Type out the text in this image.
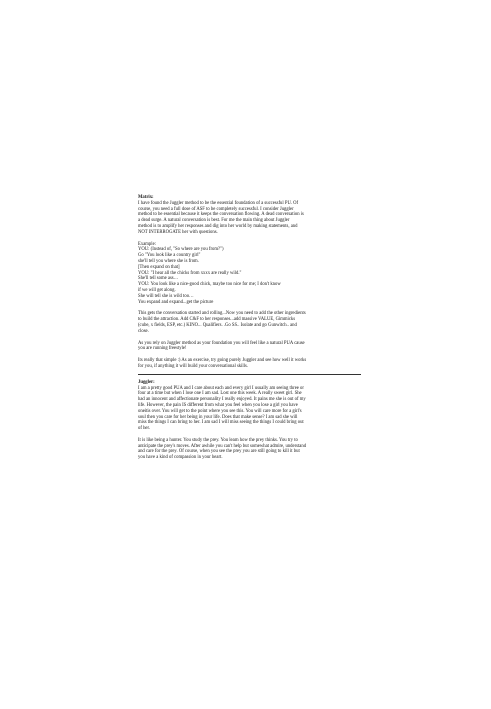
Matrix:
I have found the Juggler method to be the essential foundation of a successful PU. Of
course, you need a full dose of ASF to be completely successful. I consider Juggler
method to be essential because it keeps the conversation flowing. A dead conversation is
a dead surge. A natural conversation is best. For me the main thing about Juggler
method is to amplify her responses and dig into her world by making statements, and
NOT INTERROGATE her with questions.
Example:
YOU: (Instead of, "So where are you from?")
Go "You look like a country girl"
she'll tell you where she is from.
[Then expand on that]
YOU: "I hear all the chicks from xxxx are really wild."
She'll tell some ass…
YOU: You look like a nice-good chick, maybe too nice for me; I don't know
if we will get along.
She will tell she is wild too…
You expand and expand...get the picture
This gets the conversation started and rolling...Now you need to add the other ingredients
to build the attraction. Add C&F to her responses...add massive VALUE, Gimmicks
(cube, x fields, ESP, etc.) KINO... Qualifiers. .Go SS.. Isolate and go Gunwitch.. and
close.
As you rely on Juggler method as your foundation you will feel like a natural PUA cause
you are running freestyle!
Its really that simple :) As an exercise, try going purely Juggler and see how well it works
for you, if anything it will build your conversational skills.
Juggler:
I am a pretty good PUA and I care about each and every girl I usually am seeing three or
four at a time but when I lose one I am sad. Lost one this week. A really sweet girl. She
had an innocent and affectionate personality I really enjoyed. It pains me she is out of my
life. However, the pain IS different from what you feel when you lose a girl you have
oneitis over. You will get to the point where you see this. You will care more for a girl's
soul then you care for her being in your life. Does that make sense? I am sad she will
miss the things I can bring to her. I am sad I will miss seeing the things I could bring out
of her.
It is like being a hunter. You study the prey. You learn how the prey thinks. You try to
anticipate the prey's moves. After awhile you can't help but somewhat admire, understand
and care for the prey. Of course, when you see the prey you are still going to kill it but
you have a kind of compassion in your heart.
